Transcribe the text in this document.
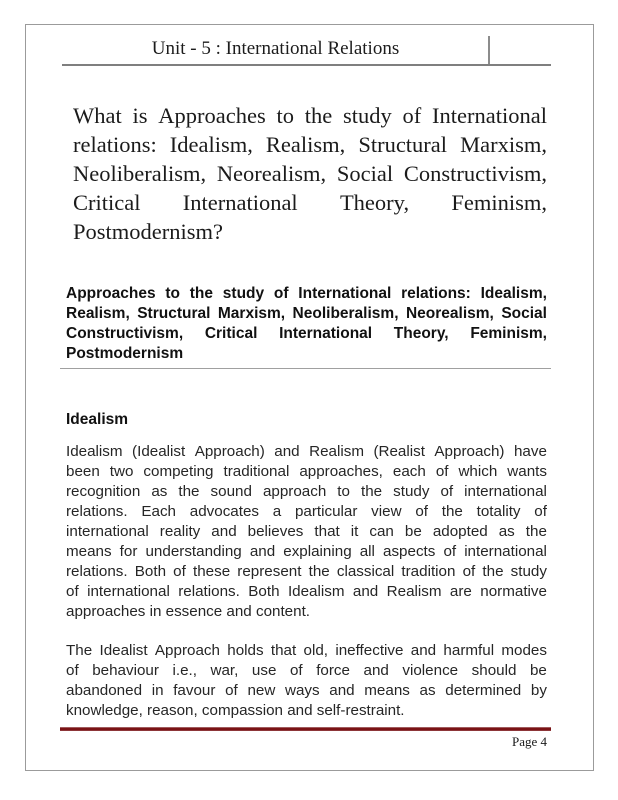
Unit - 5 : International Relations
What is Approaches to the study of International
relations: Idealism, Realism, Structural Marxism,
Neoliberalism, Neorealism, Social Constructivism,
Critical International Theory, Feminism,
Postmodernism?
Approaches to the study of International relations: Idealism,
Realism, Structural Marxism, Neoliberalism, Neorealism, Social
Constructivism, Critical International Theory, Feminism,
Postmodernism
Idealism
Idealism (Idealist Approach) and Realism (Realist Approach) have
been two competing traditional approaches, each of which wants
recognition as the sound approach to the study of international
relations. Each advocates a particular view of the totality of
international reality and believes that it can be adopted as the
means for understanding and explaining all aspects of international
relations. Both of these represent the classical tradition of the study
of international relations. Both Idealism and Realism are normative
approaches in essence and content.
The Idealist Approach holds that old, ineffective and harmful modes
of behaviour i.e., war, use of force and violence should be
abandoned in favour of new ways and means as determined by
knowledge, reason, compassion and self-restraint.
Page 4
